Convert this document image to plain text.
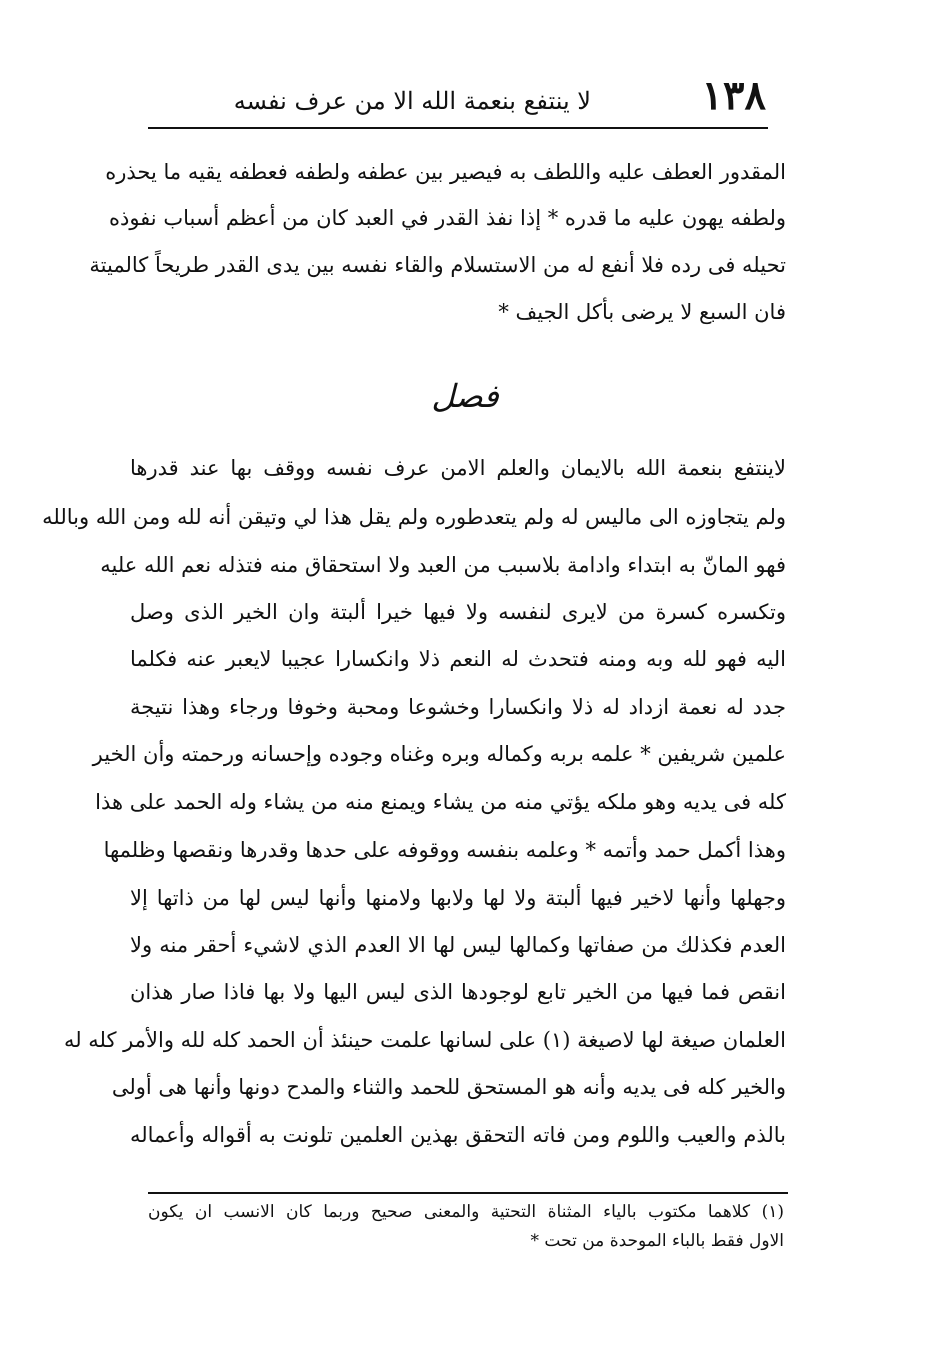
١٣٨
لا ينتفع بنعمة الله الا من عرف نفسه
المقدور العطف عليه واللطف به فيصير بين عطفه ولطفه فعطفه يقيه ما يحذره
ولطفه يهون عليه ما قدره * إذا نفذ القدر في العبد كان من أعظم أسباب نفوذه
تحيله فى رده فلا أنفع له من الاستسلام والقاء نفسه بين يدى القدر طريحاً كالميتة
فان السبع لا يرضى بأكل الجيف *
فصل
لاينتفع بنعمة الله بالايمان والعلم الامن عرف نفسه ووقف بها عند قدرها
ولم يتجاوزه الى ماليس له ولم يتعدطوره ولم يقل هذا لي وتيقن أنه لله ومن الله وبالله
فهو المانّ به ابتداء وادامة بلاسبب من العبد ولا استحقاق منه فتذله نعم الله عليه
وتكسره كسرة من لايرى لنفسه ولا فيها خيرا ألبتة وان الخير الذى وصل
اليه فهو لله وبه ومنه فتحدث له النعم ذلا وانكسارا عجيبا لايعبر عنه فكلما
جدد له نعمة ازداد له ذلا وانكسارا وخشوعا ومحبة وخوفا ورجاء وهذا نتيجة
علمين شريفين * علمه بربه وكماله وبره وغناه وجوده وإحسانه ورحمته وأن الخير
كله فى يديه وهو ملكه يؤتي منه من يشاء ويمنع منه من يشاء وله الحمد على هذا
وهذا أكمل حمد وأتمه * وعلمه بنفسه ووقوفه على حدها وقدرها ونقصها وظلمها
وجهلها وأنها لاخير فيها ألبتة ولا لها ولابها ولامنها وأنها ليس لها من ذاتها إلا
العدم فكذلك من صفاتها وكمالها ليس لها الا العدم الذي لاشيء أحقر منه ولا
انقص فما فيها من الخير تابع لوجودها الذى ليس اليها ولا بها فاذا صار هذان
العلمان صيغة لها لاصيغة (١) على لسانها علمت حينئذ أن الحمد كله لله والأمر كله له
والخير كله فى يديه وأنه هو المستحق للحمد والثناء والمدح دونها وأنها هى أولى
بالذم والعيب واللوم ومن فاته التحقق بهذين العلمين تلونت به أقواله وأعماله
(١) كلاهما مكتوب بالياء المثناة التحتية والمعنى صحيح وربما كان الانسب ان يكون
الاول فقط بالباء الموحدة من تحت *
